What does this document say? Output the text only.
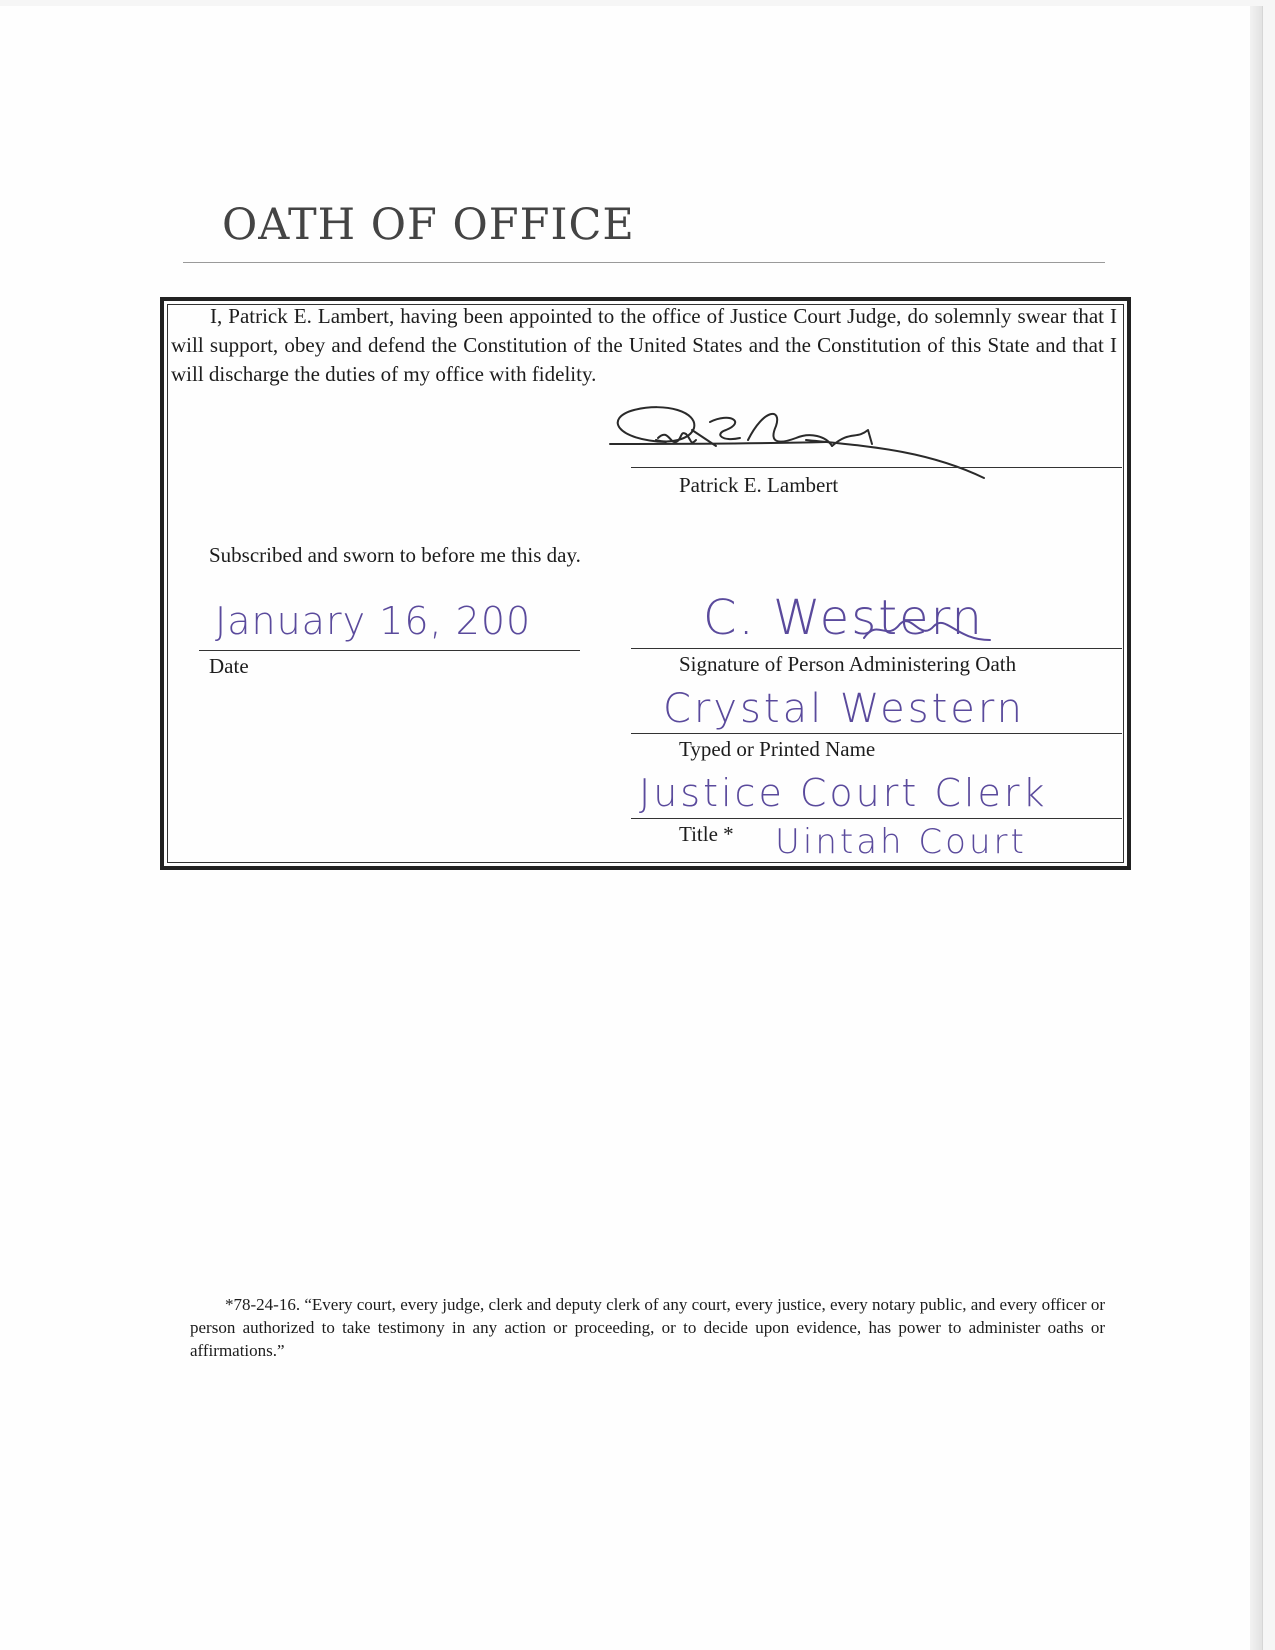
OATH OF OFFICE

I, Patrick E. Lambert, having been appointed to the office of Justice Court Judge, do solemnly swear that I will support, obey and defend the Constitution of the United States and the Constitution of this State and that I will discharge the duties of my office with fidelity.

Patrick E. Lambert
Subscribed and sworn to before me this day.
January 16, 200
Date
C. Western
Signature of Person Administering Oath
Crystal Western
Typed or Printed Name
Justice Court Clerk
Title * Uintah Court

*78-24-16. “Every court, every judge, clerk and deputy clerk of any court, every justice, every notary public, and every officer or person authorized to take testimony in any action or proceeding, or to decide upon evidence, has power to administer oaths or affirmations.”
